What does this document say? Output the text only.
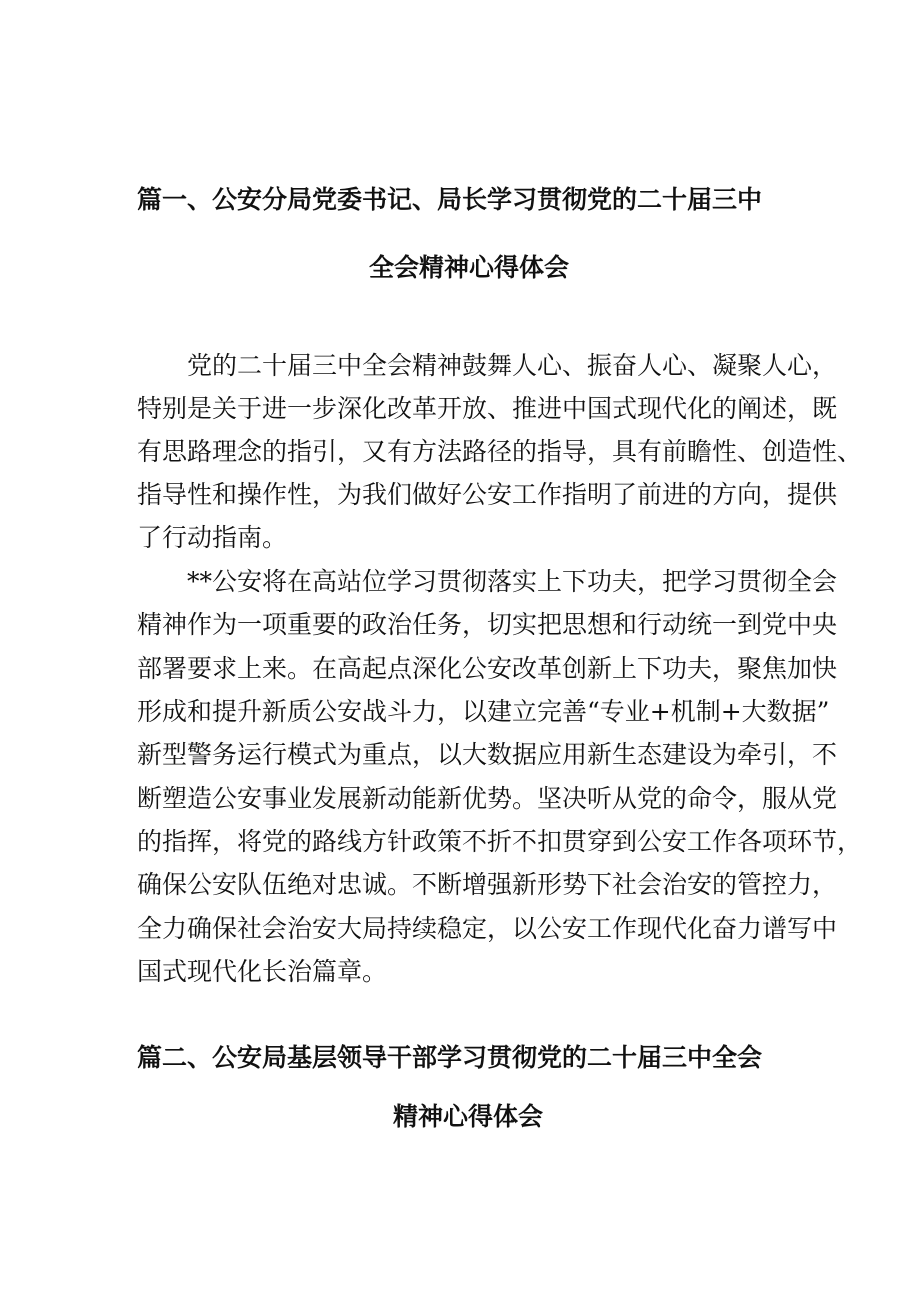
篇一、公安分局党委书记、局长学习贯彻党的二十届三中
全会精神心得体会
党的二十届三中全会精神鼓舞人心、振奋人心、凝聚人心，
特别是关于进一步深化改革开放、推进中国式现代化的阐述，既
有思路理念的指引，又有方法路径的指导，具有前瞻性、创造性、
指导性和操作性，为我们做好公安工作指明了前进的方向，提供
了行动指南。
**公安将在高站位学习贯彻落实上下功夫，把学习贯彻全会
精神作为一项重要的政治任务，切实把思想和行动统一到党中央
部署要求上来。在高起点深化公安改革创新上下功夫，聚焦加快
形成和提升新质公安战斗力，以建立完善“专业+机制+大数据”
新型警务运行模式为重点，以大数据应用新生态建设为牵引，不
断塑造公安事业发展新动能新优势。坚决听从党的命令，服从党
的指挥，将党的路线方针政策不折不扣贯穿到公安工作各项环节，
确保公安队伍绝对忠诚。不断增强新形势下社会治安的管控力，
全力确保社会治安大局持续稳定，以公安工作现代化奋力谱写中
国式现代化长治篇章。
篇二、公安局基层领导干部学习贯彻党的二十届三中全会
精神心得体会
